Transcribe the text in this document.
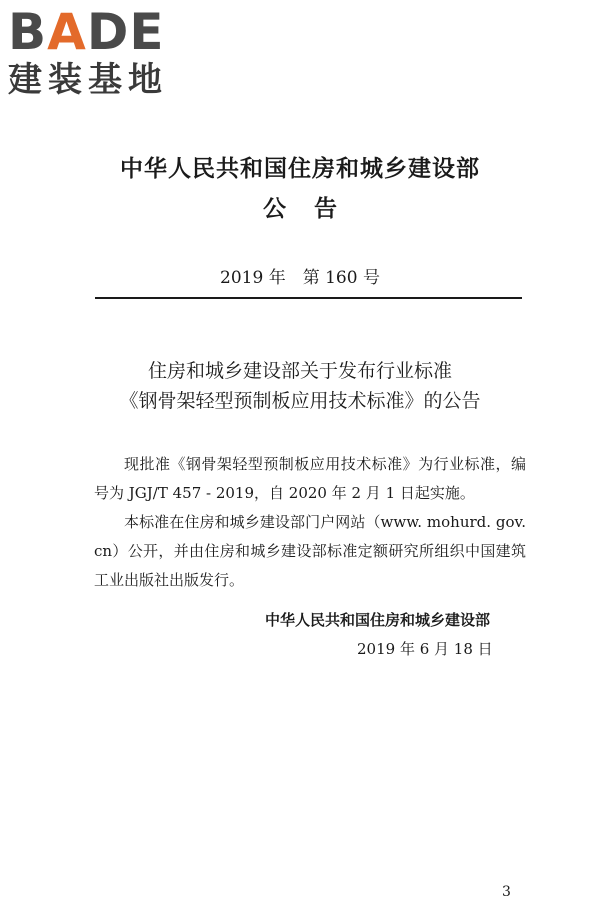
BADE
建装基地
中华人民共和国住房和城乡建设部
公告
2019 年　第 160 号
住房和城乡建设部关于发布行业标准
《钢骨架轻型预制板应用技术标准》的公告

现批准《钢骨架轻型预制板应用技术标准》为行业标准，编号为 JGJ/T 457 - 2019，自 2020 年 2 月 1 日起实施。

本标准在住房和城乡建设部门户网站（www. mohurd. gov. cn）公开，并由住房和城乡建设部标准定额研究所组织中国建筑工业出版社出版发行。

中华人民共和国住房和城乡建设部
2019 年 6 月 18 日
3
